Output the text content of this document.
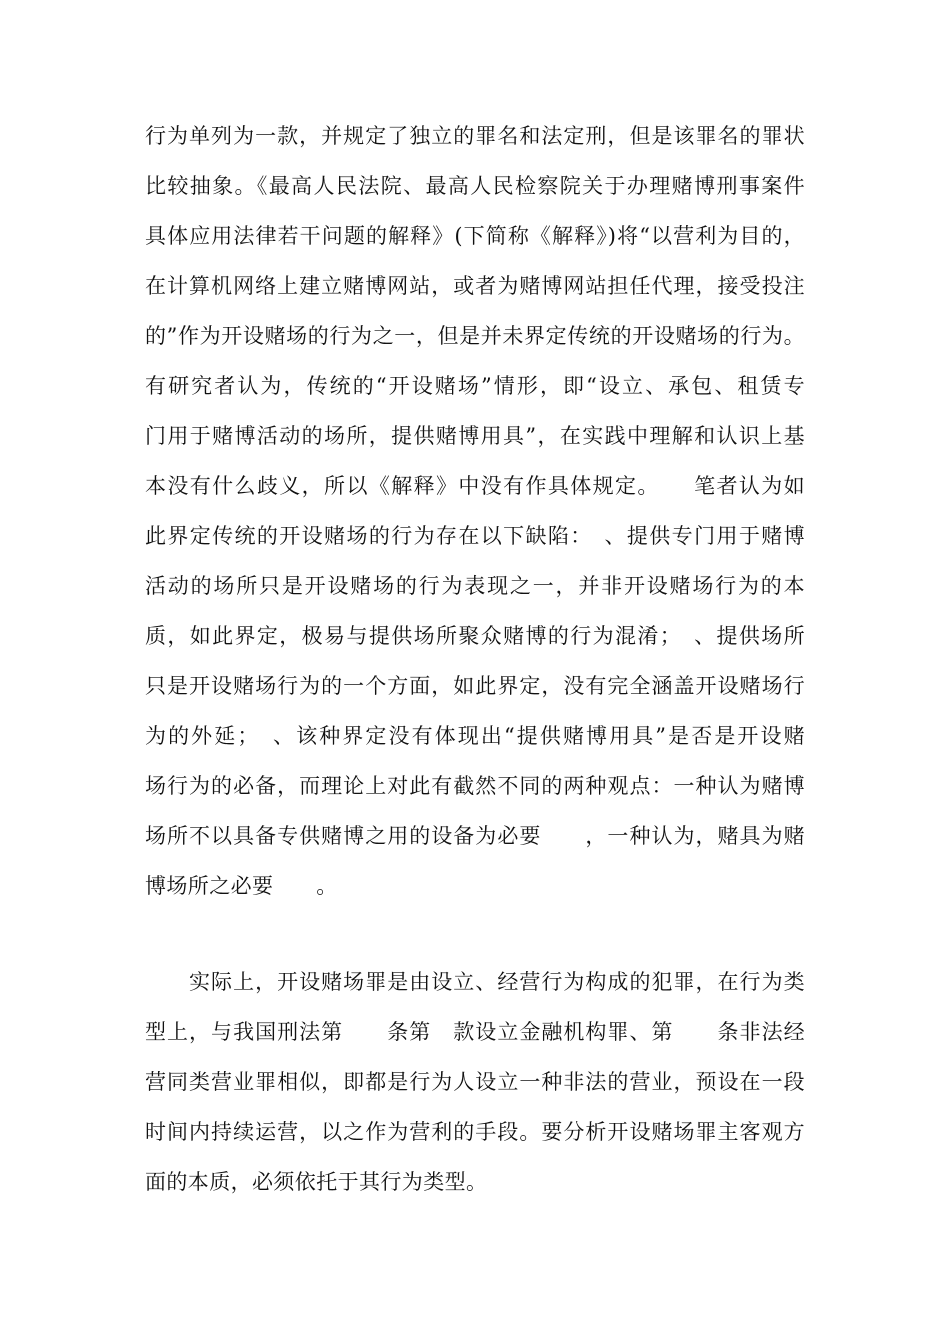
行为单列为一款，并规定了独立的罪名和法定刑，但是该罪名的罪状
比较抽象。《最高人民法院、最高人民检察院关于办理赌博刑事案件
具体应用法律若干问题的解释》(下简称《解释》)将“以营利为目的，
在计算机网络上建立赌博网站，或者为赌博网站担任代理，接受投注
的”作为开设赌场的行为之一，但是并未界定传统的开设赌场的行为。
有研究者认为，传统的“开设赌场”情形，即“设立、承包、租赁专
门用于赌博活动的场所，提供赌博用具”，在实践中理解和认识上基
本没有什么歧义，所以《解释》中没有作具体规定。　　笔者认为如
此界定传统的开设赌场的行为存在以下缺陷：　、提供专门用于赌博
活动的场所只是开设赌场的行为表现之一，并非开设赌场行为的本
质，如此界定，极易与提供场所聚众赌博的行为混淆；　、提供场所
只是开设赌场行为的一个方面，如此界定，没有完全涵盖开设赌场行
为的外延；　、该种界定没有体现出“提供赌博用具”是否是开设赌
场行为的必备，而理论上对此有截然不同的两种观点：一种认为赌博
场所不以具备专供赌博之用的设备为必要　　，一种认为，赌具为赌
博场所之必要　　。
　　实际上，开设赌场罪是由设立、经营行为构成的犯罪，在行为类
型上，与我国刑法第　　条第　款设立金融机构罪、第　　条非法经
营同类营业罪相似，即都是行为人设立一种非法的营业，预设在一段
时间内持续运营，以之作为营利的手段。要分析开设赌场罪主客观方
面的本质，必须依托于其行为类型。
